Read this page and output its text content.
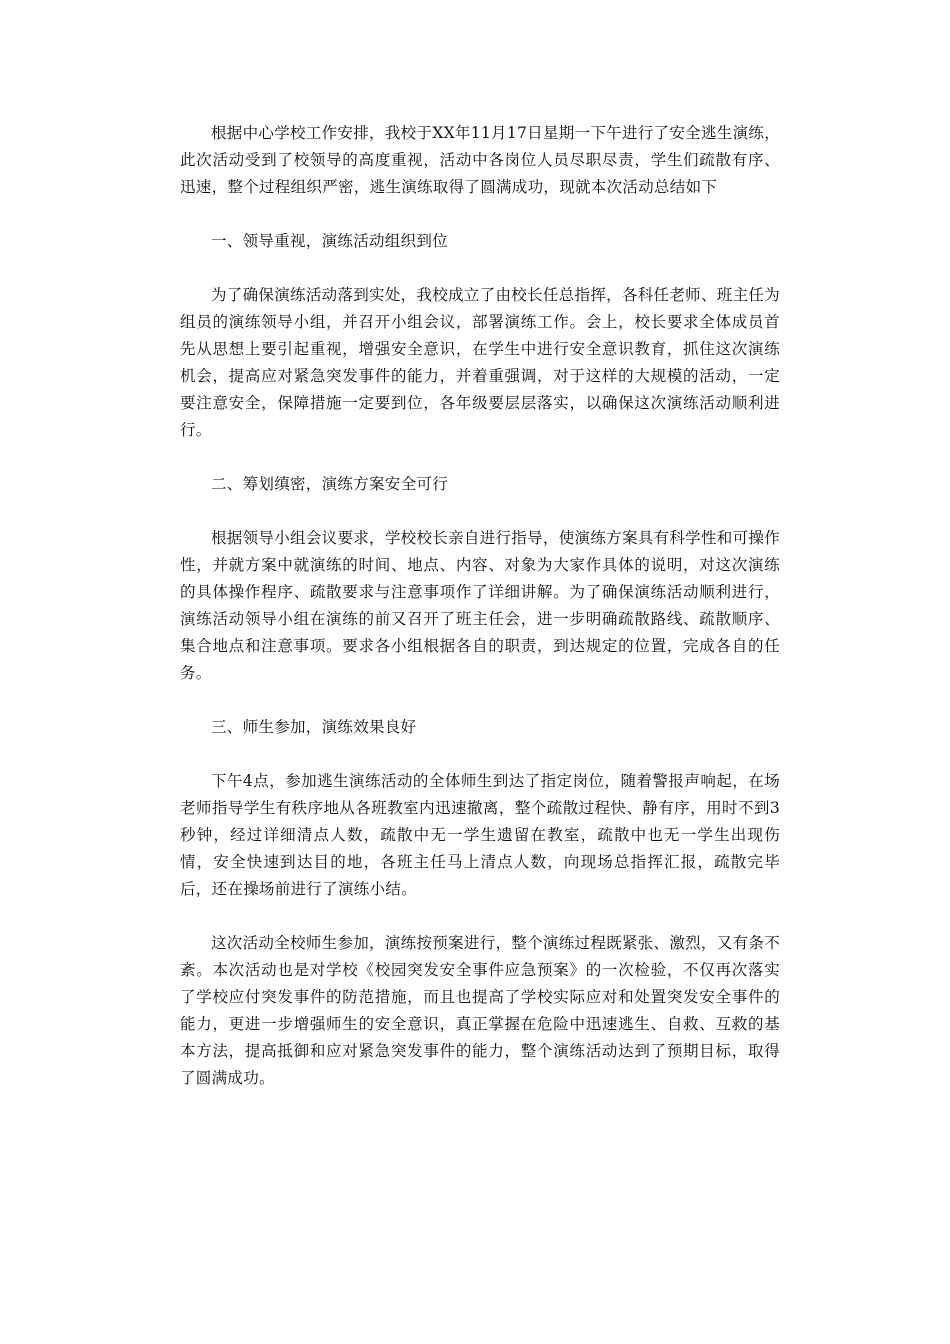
根据中心学校工作安排，我校于XX年11月17日星期一下午进行了安全逃生演练，此次活动受到了校领导的高度重视，活动中各岗位人员尽职尽责，学生们疏散有序、迅速，整个过程组织严密，逃生演练取得了圆满成功，现就本次活动总结如下

一、领导重视，演练活动组织到位

为了确保演练活动落到实处，我校成立了由校长任总指挥，各科任老师、班主任为组员的演练领导小组，并召开小组会议，部署演练工作。会上，校长要求全体成员首先从思想上要引起重视，增强安全意识，在学生中进行安全意识教育，抓住这次演练机会，提高应对紧急突发事件的能力，并着重强调，对于这样的大规模的活动，一定要注意安全，保障措施一定要到位，各年级要层层落实，以确保这次演练活动顺利进行。

二、筹划缜密，演练方案安全可行

根据领导小组会议要求，学校校长亲自进行指导，使演练方案具有科学性和可操作性，并就方案中就演练的时间、地点、内容、对象为大家作具体的说明，对这次演练的具体操作程序、疏散要求与注意事项作了详细讲解。为了确保演练活动顺利进行，演练活动领导小组在演练的前又召开了班主任会，进一步明确疏散路线、疏散顺序、集合地点和注意事项。要求各小组根据各自的职责，到达规定的位置，完成各自的任务。

三、师生参加，演练效果良好

下午4点，参加逃生演练活动的全体师生到达了指定岗位，随着警报声响起，在场老师指导学生有秩序地从各班教室内迅速撤离，整个疏散过程快、静有序，用时不到3秒钟，经过详细清点人数，疏散中无一学生遗留在教室，疏散中也无一学生出现伤情，安全快速到达目的地，各班主任马上清点人数，向现场总指挥汇报，疏散完毕后，还在操场前进行了演练小结。

这次活动全校师生参加，演练按预案进行，整个演练过程既紧张、激烈，又有条不紊。本次活动也是对学校《校园突发安全事件应急预案》的一次检验，不仅再次落实了学校应付突发事件的防范措施，而且也提高了学校实际应对和处置突发安全事件的能力，更进一步增强师生的安全意识，真正掌握在危险中迅速逃生、自救、互救的基本方法，提高抵御和应对紧急突发事件的能力，整个演练活动达到了预期目标，取得了圆满成功。
